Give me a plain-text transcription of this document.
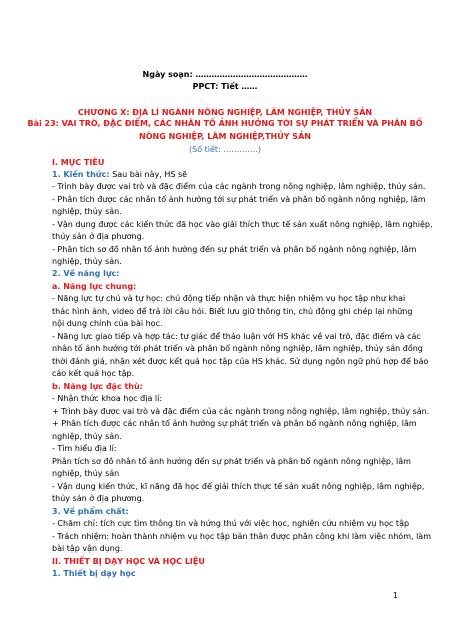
Ngày soạn: ……………………………………
PPCT: Tiết ……
CHƯƠNG X: ĐỊA LÍ NGÀNH NÔNG NGHIỆP, LÂM NGHIỆP, THỦY SẢN
Bài 23: VAI TRÒ, ĐẶC ĐIỂM, CÁC NHÂN TỐ ẢNH HƯỞNG TỚI SỰ PHÁT TRIỂN VÀ PHÂN BỐ
NÔNG NGHIỆP, LÂM NGHIỆP,THỦY SẢN
(Số tiết: ………….)
I. MỤC TIÊU
1. Kiến thức: Sau bài này, HS sẽ
- Trình bày được vai trò và đặc điểm của các ngành trong nông nghiệp, lâm nghiệp, thủy sản.
- Phân tích được các nhân tố ảnh hưởng tới sự phát triển và phân bố ngành nông nghiệp, lâm
nghiệp, thủy sản.
- Vận dụng được các kiến thức đã học vào giải thích thực tế sản xuất nông nghiệp, lâm nghiệp,
thủy sản ở địa phương.
- Phân tích sơ đồ nhân tố ảnh hưởng đến sự phát triển và phân bố ngành nông nghiệp, lâm
nghiệp, thủy sản.
2. Về năng lực:
a. Năng lực chung:
- Năng lực tự chủ và tự học: chủ động tiếp nhận và thực hiện nhiệm vụ học tập như khai
thác hình ảnh, video để trả lời câu hỏi. Biết lưu giữ thông tin, chủ động ghi chép lại những
nội dung chính của bài học.
- Năng lực giao tiếp và hợp tác: tự giác để thảo luận với HS khác về vai trò, đặc điểm và các
nhân tố ảnh hưởng tới phát triển và phân bố ngành nông nghiệp, lâm nghiệp, thủy sản đồng
thời đánh giá, nhận xét được kết quả học tập của HS khác. Sử dụng ngôn ngữ phù hợp để báo
cáo kết quả học tập.
b. Năng lực đặc thù:
- Nhận thức khoa học địa lí:
+ Trình bày được vai trò và đặc điểm của các ngành trong nông nghiệp, lâm nghiệp, thủy sản.
+ Phân tích được các nhân tố ảnh hưởng sự phát triển và phân bố ngành nông nghiệp, lâm
nghiệp, thủy sản.
- Tìm hiểu địa lí:
Phân tích sơ đồ nhân tố ảnh hưởng đến sự phát triển và phân bố ngành nông nghiệp, lâm
nghiệp, thủy sản
- Vận dụng kiến thức, kĩ năng đã học để giải thích thực tế sản xuất nông nghiệp, lâm nghiệp,
thủy sản ở địa phương.
3. Về phẩm chất:
- Chăm chỉ: tích cực tìm thông tin và hứng thú với việc học, nghiên cứu nhiệm vụ học tập
- Trách nhiệm: hoàn thành nhiệm vụ học tập bản thân được phân công khi làm việc nhóm, làm
bài tập vận dụng.
II. THIẾT BỊ DẠY HỌC VÀ HỌC LIỆU
1. Thiết bị dạy học
1
